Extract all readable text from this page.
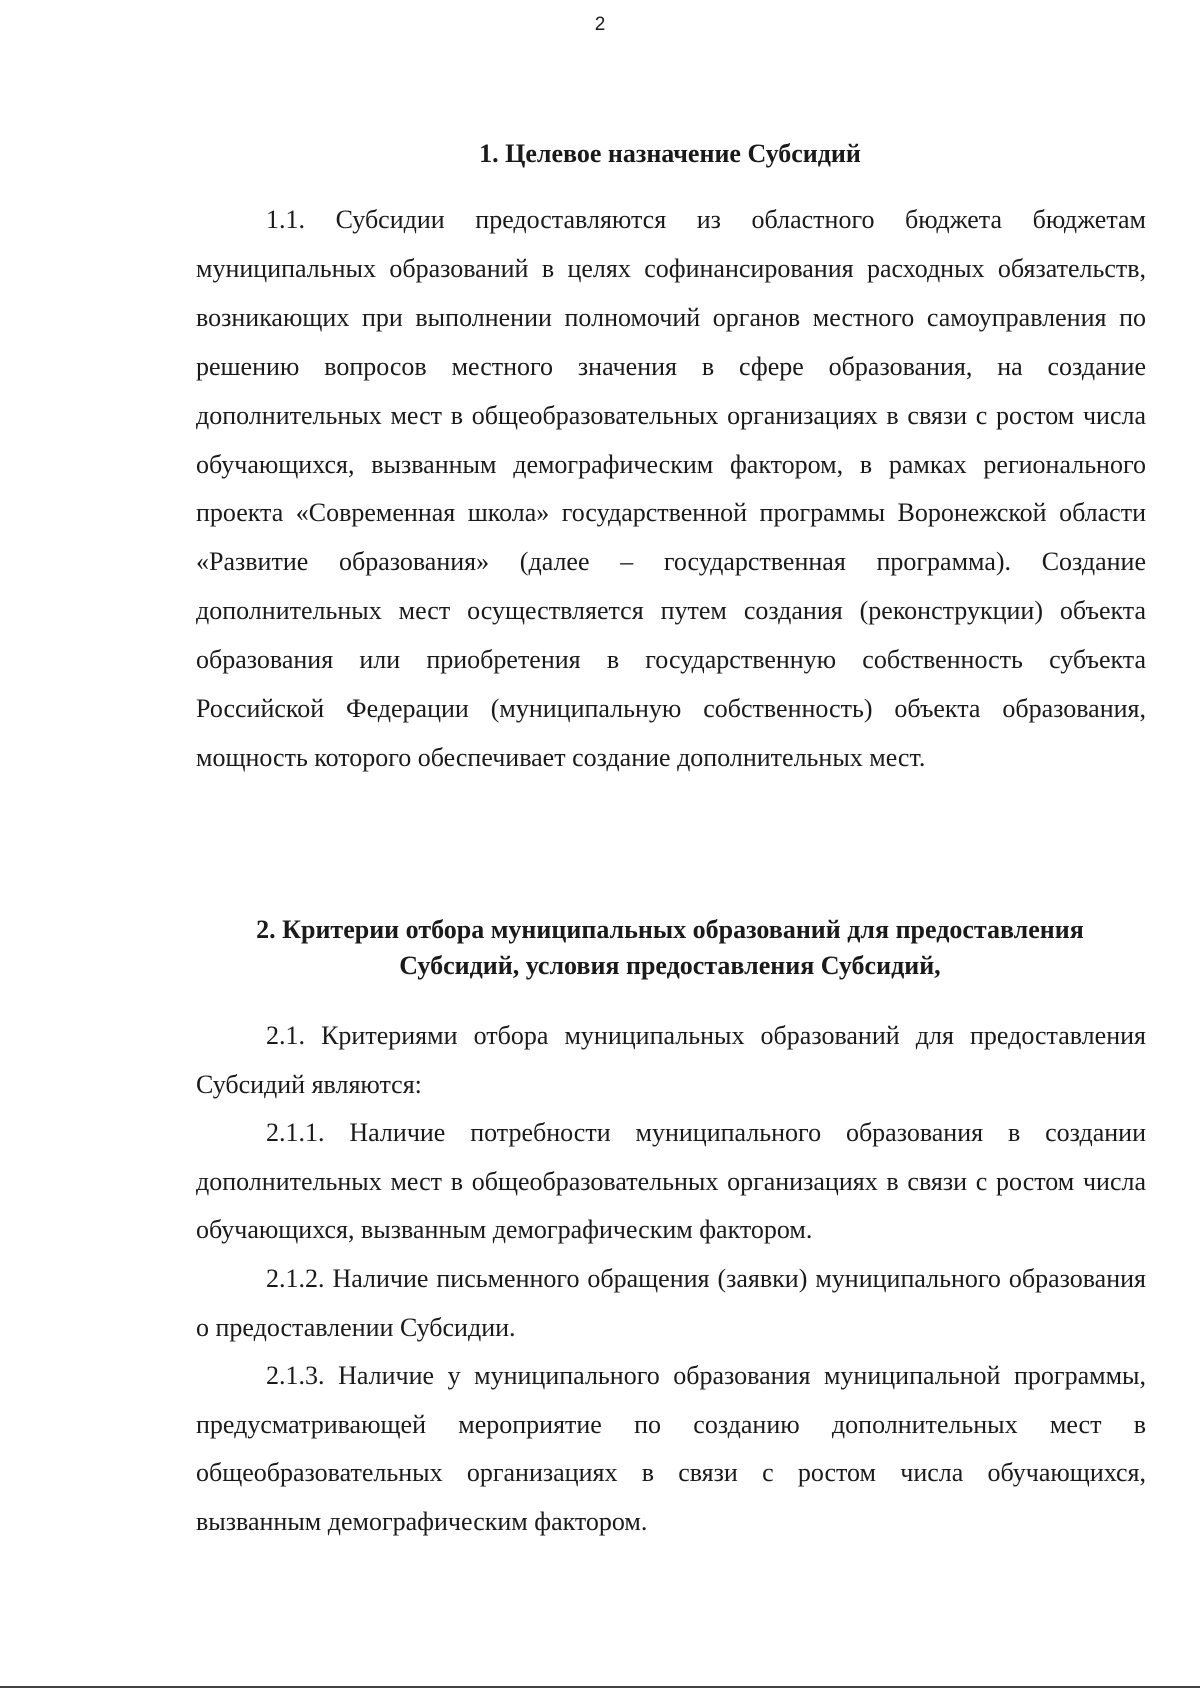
2
1. Целевое назначение Субсидий
1.1. Субсидии предоставляются из областного бюджета бюджетам муниципальных образований в целях софинансирования расходных обязательств, возникающих при выполнении полномочий органов местного самоуправления по решению вопросов местного значения в сфере образования, на создание дополнительных мест в общеобразовательных организациях в связи с ростом числа обучающихся, вызванным демографическим фактором, в рамках регионального проекта «Современная школа» государственной программы Воронежской области «Развитие образования» (далее – государственная программа). Создание дополнительных мест осуществляется путем создания (реконструкции) объекта образования или приобретения в государственную собственность субъекта Российской Федерации (муниципальную собственность) объекта образования, мощность которого обеспечивает создание дополнительных мест.
2. Критерии отбора муниципальных образований для предоставления
Субсидий, условия предоставления Субсидий,
2.1. Критериями отбора муниципальных образований для предоставления Субсидий являются:
2.1.1. Наличие потребности муниципального образования в создании дополнительных мест в общеобразовательных организациях в связи с ростом числа обучающихся, вызванным демографическим фактором.
2.1.2. Наличие письменного обращения (заявки) муниципального образования о предоставлении Субсидии.
2.1.3. Наличие у муниципального образования муниципальной программы, предусматривающей мероприятие по созданию дополнительных мест в общеобразовательных организациях в связи с ростом числа обучающихся, вызванным демографическим фактором.
